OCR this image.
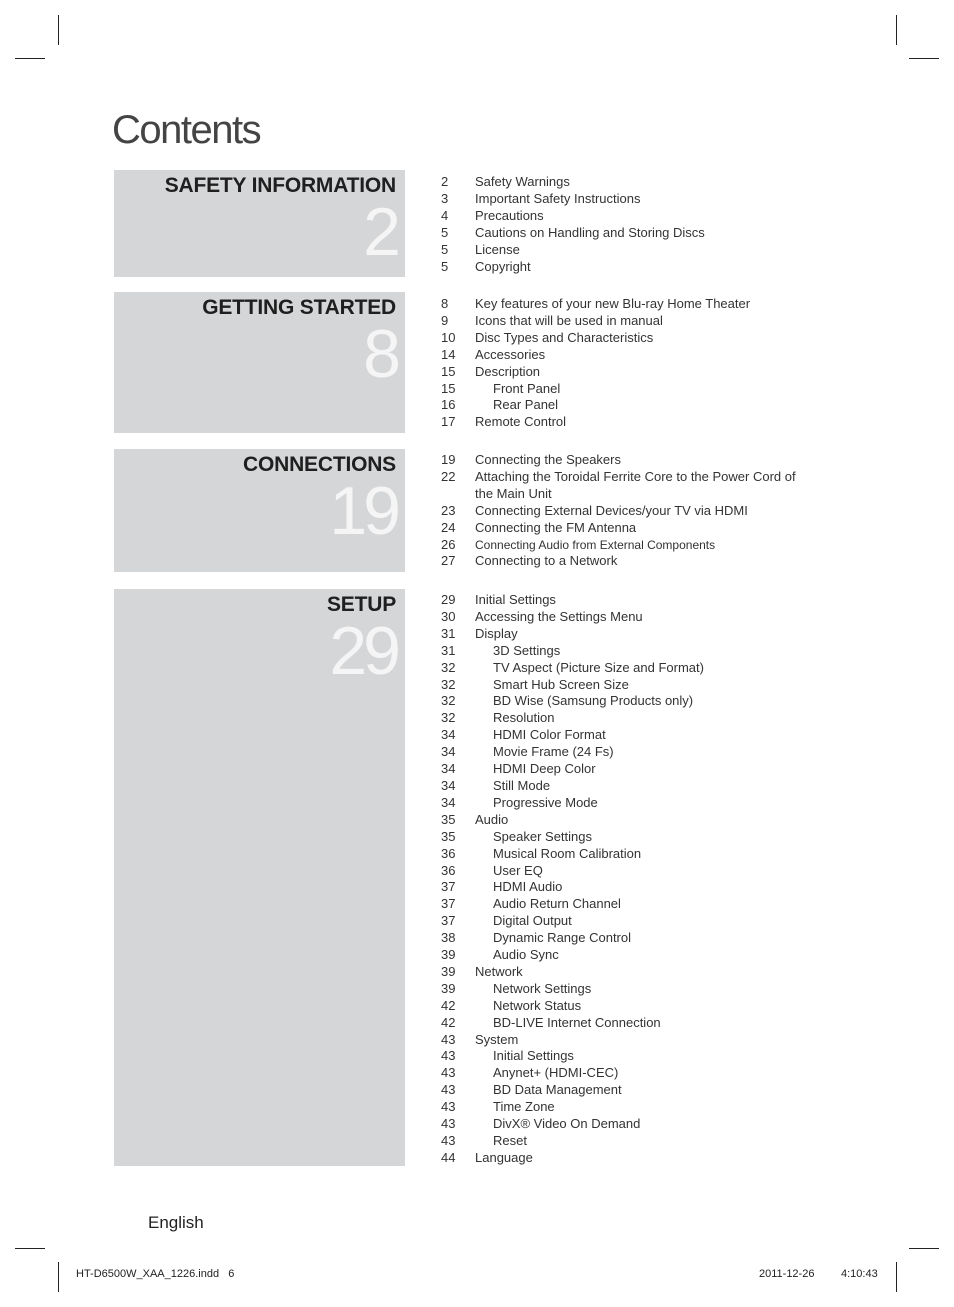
Contents
SAFETY INFORMATION
2
2	Safety Warnings
3	Important Safety Instructions
4	Precautions
5	Cautions on Handling and Storing Discs
5	License
5	Copyright
GETTING STARTED
8
8	Key features of your new Blu-ray Home Theater
9	Icons that will be used in manual
10	Disc Types and Characteristics
14	Accessories
15	Description
15	Front Panel
16	Rear Panel
17	Remote Control
CONNECTIONS
19
19	Connecting the Speakers
22	Attaching the Toroidal Ferrite Core to the Power Cord of
the Main Unit
23	Connecting External Devices/your TV via HDMI
24	Connecting the FM Antenna
26	Connecting Audio from External Components
27	Connecting to a Network
SETUP
29
29	Initial Settings
30	Accessing the Settings Menu
31	Display
31	3D Settings
32	TV Aspect (Picture Size and Format)
32	Smart Hub Screen Size
32	BD Wise (Samsung Products only)
32	Resolution
34	HDMI Color Format
34	Movie Frame (24 Fs)
34	HDMI Deep Color
34	Still Mode
34	Progressive Mode
35	Audio
35	Speaker Settings
36	Musical Room Calibration
36	User EQ
37	HDMI Audio
37	Audio Return Channel
37	Digital Output
38	Dynamic Range Control
39	Audio Sync
39	Network
39	Network Settings
42	Network Status
42	BD-LIVE Internet Connection
43	System
43	Initial Settings
43	Anynet+ (HDMI-CEC)
43	BD Data Management
43	Time Zone
43	DivX® Video On Demand
43	Reset
44	Language
English
HT-D6500W_XAA_1226.indd   6	2011-12-26 4:10:43
